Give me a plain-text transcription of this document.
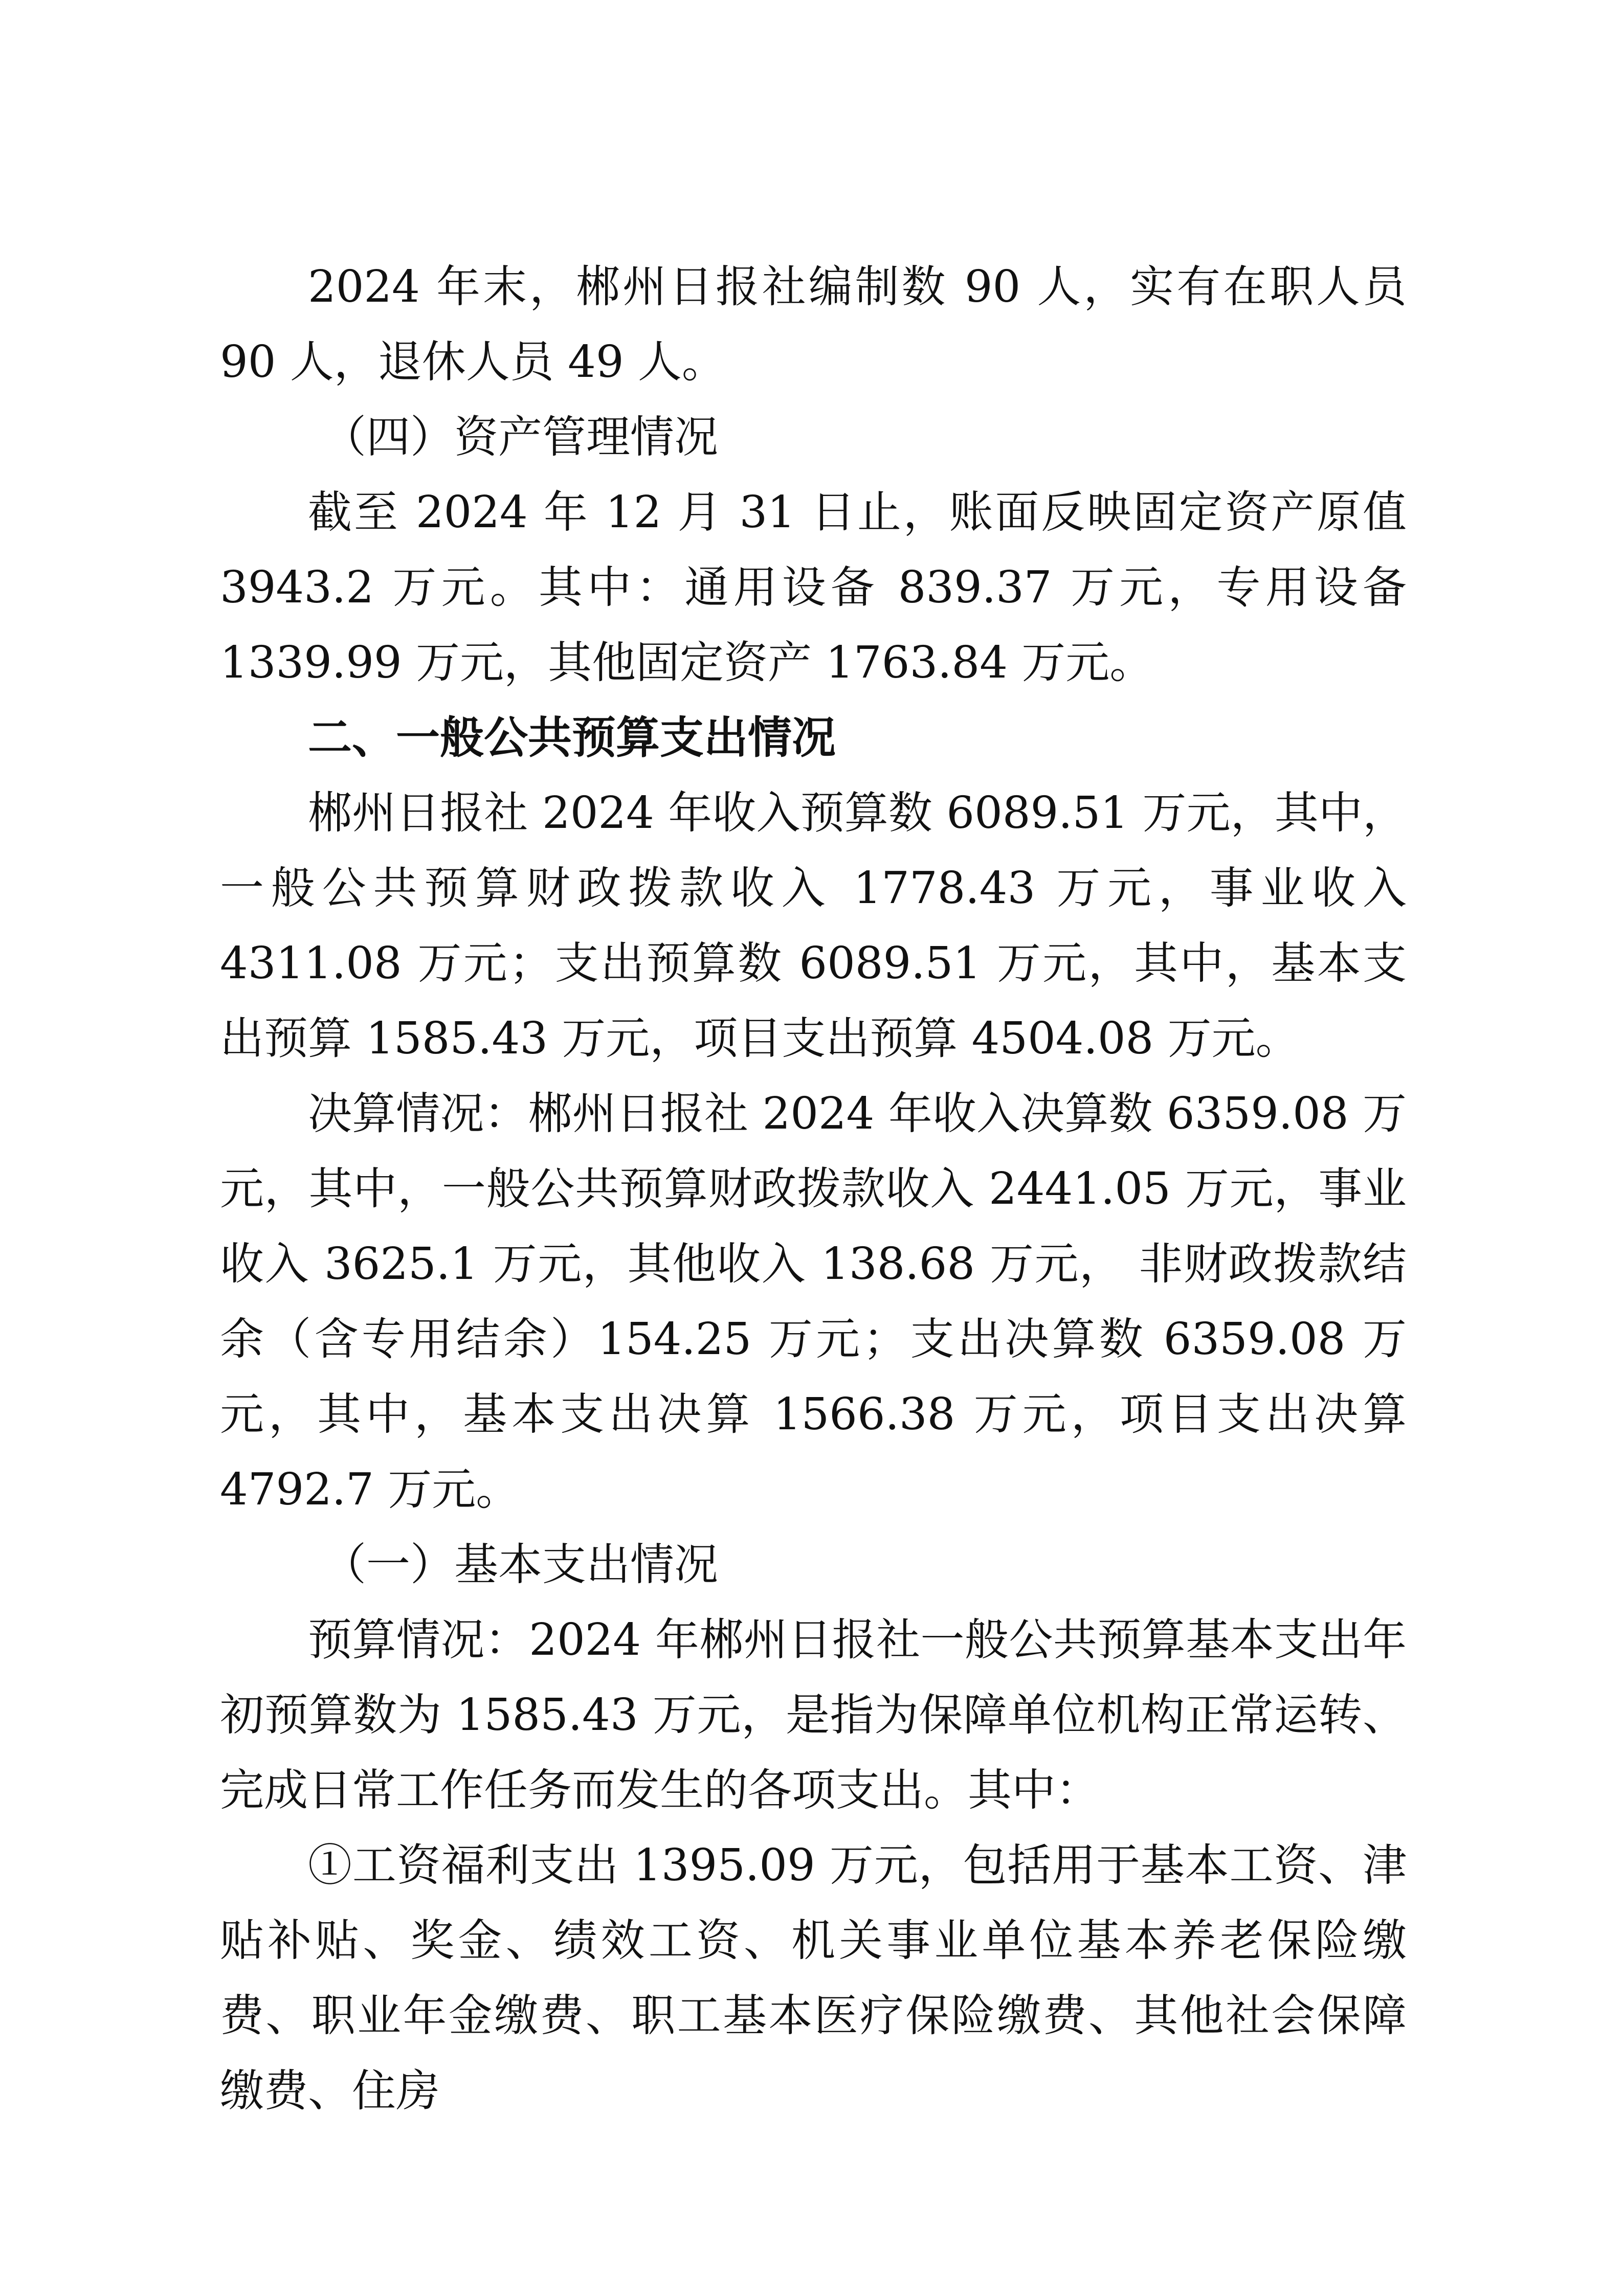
2024 年末，郴州日报社编制数 90 人，实有在职人员 90 人，退休人员 49 人。

（四）资产管理情况

截至 2024 年 12 月 31 日止，账面反映固定资产原值 3943.2 万元。其中：通用设备 839.37 万元，专用设备 1339.99 万元，其他固定资产 1763.84 万元。

二、一般公共预算支出情况

郴州日报社 2024 年收入预算数 6089.51 万元，其中，一般公共预算财政拨款收入 1778.43 万元，事业收入 4311.08 万元；支出预算数 6089.51 万元，其中，基本支出预算 1585.43 万元，项目支出预算 4504.08 万元。

决算情况：郴州日报社 2024 年收入决算数 6359.08 万元，其中，一般公共预算财政拨款收入 2441.05 万元，事业收入 3625.1 万元，其他收入 138.68 万元， 非财政拨款结余（含专用结余）154.25 万元；支出决算数 6359.08 万元，其中，基本支出决算 1566.38 万元，项目支出决算 4792.7 万元。

（一）基本支出情况

预算情况：2024 年郴州日报社一般公共预算基本支出年初预算数为 1585.43 万元，是指为保障单位机构正常运转、完成日常工作任务而发生的各项支出。其中：

①工资福利支出 1395.09 万元，包括用于基本工资、津贴补贴、奖金、绩效工资、机关事业单位基本养老保险缴费、职业年金缴费、职工基本医疗保险缴费、其他社会保障缴费、住房
